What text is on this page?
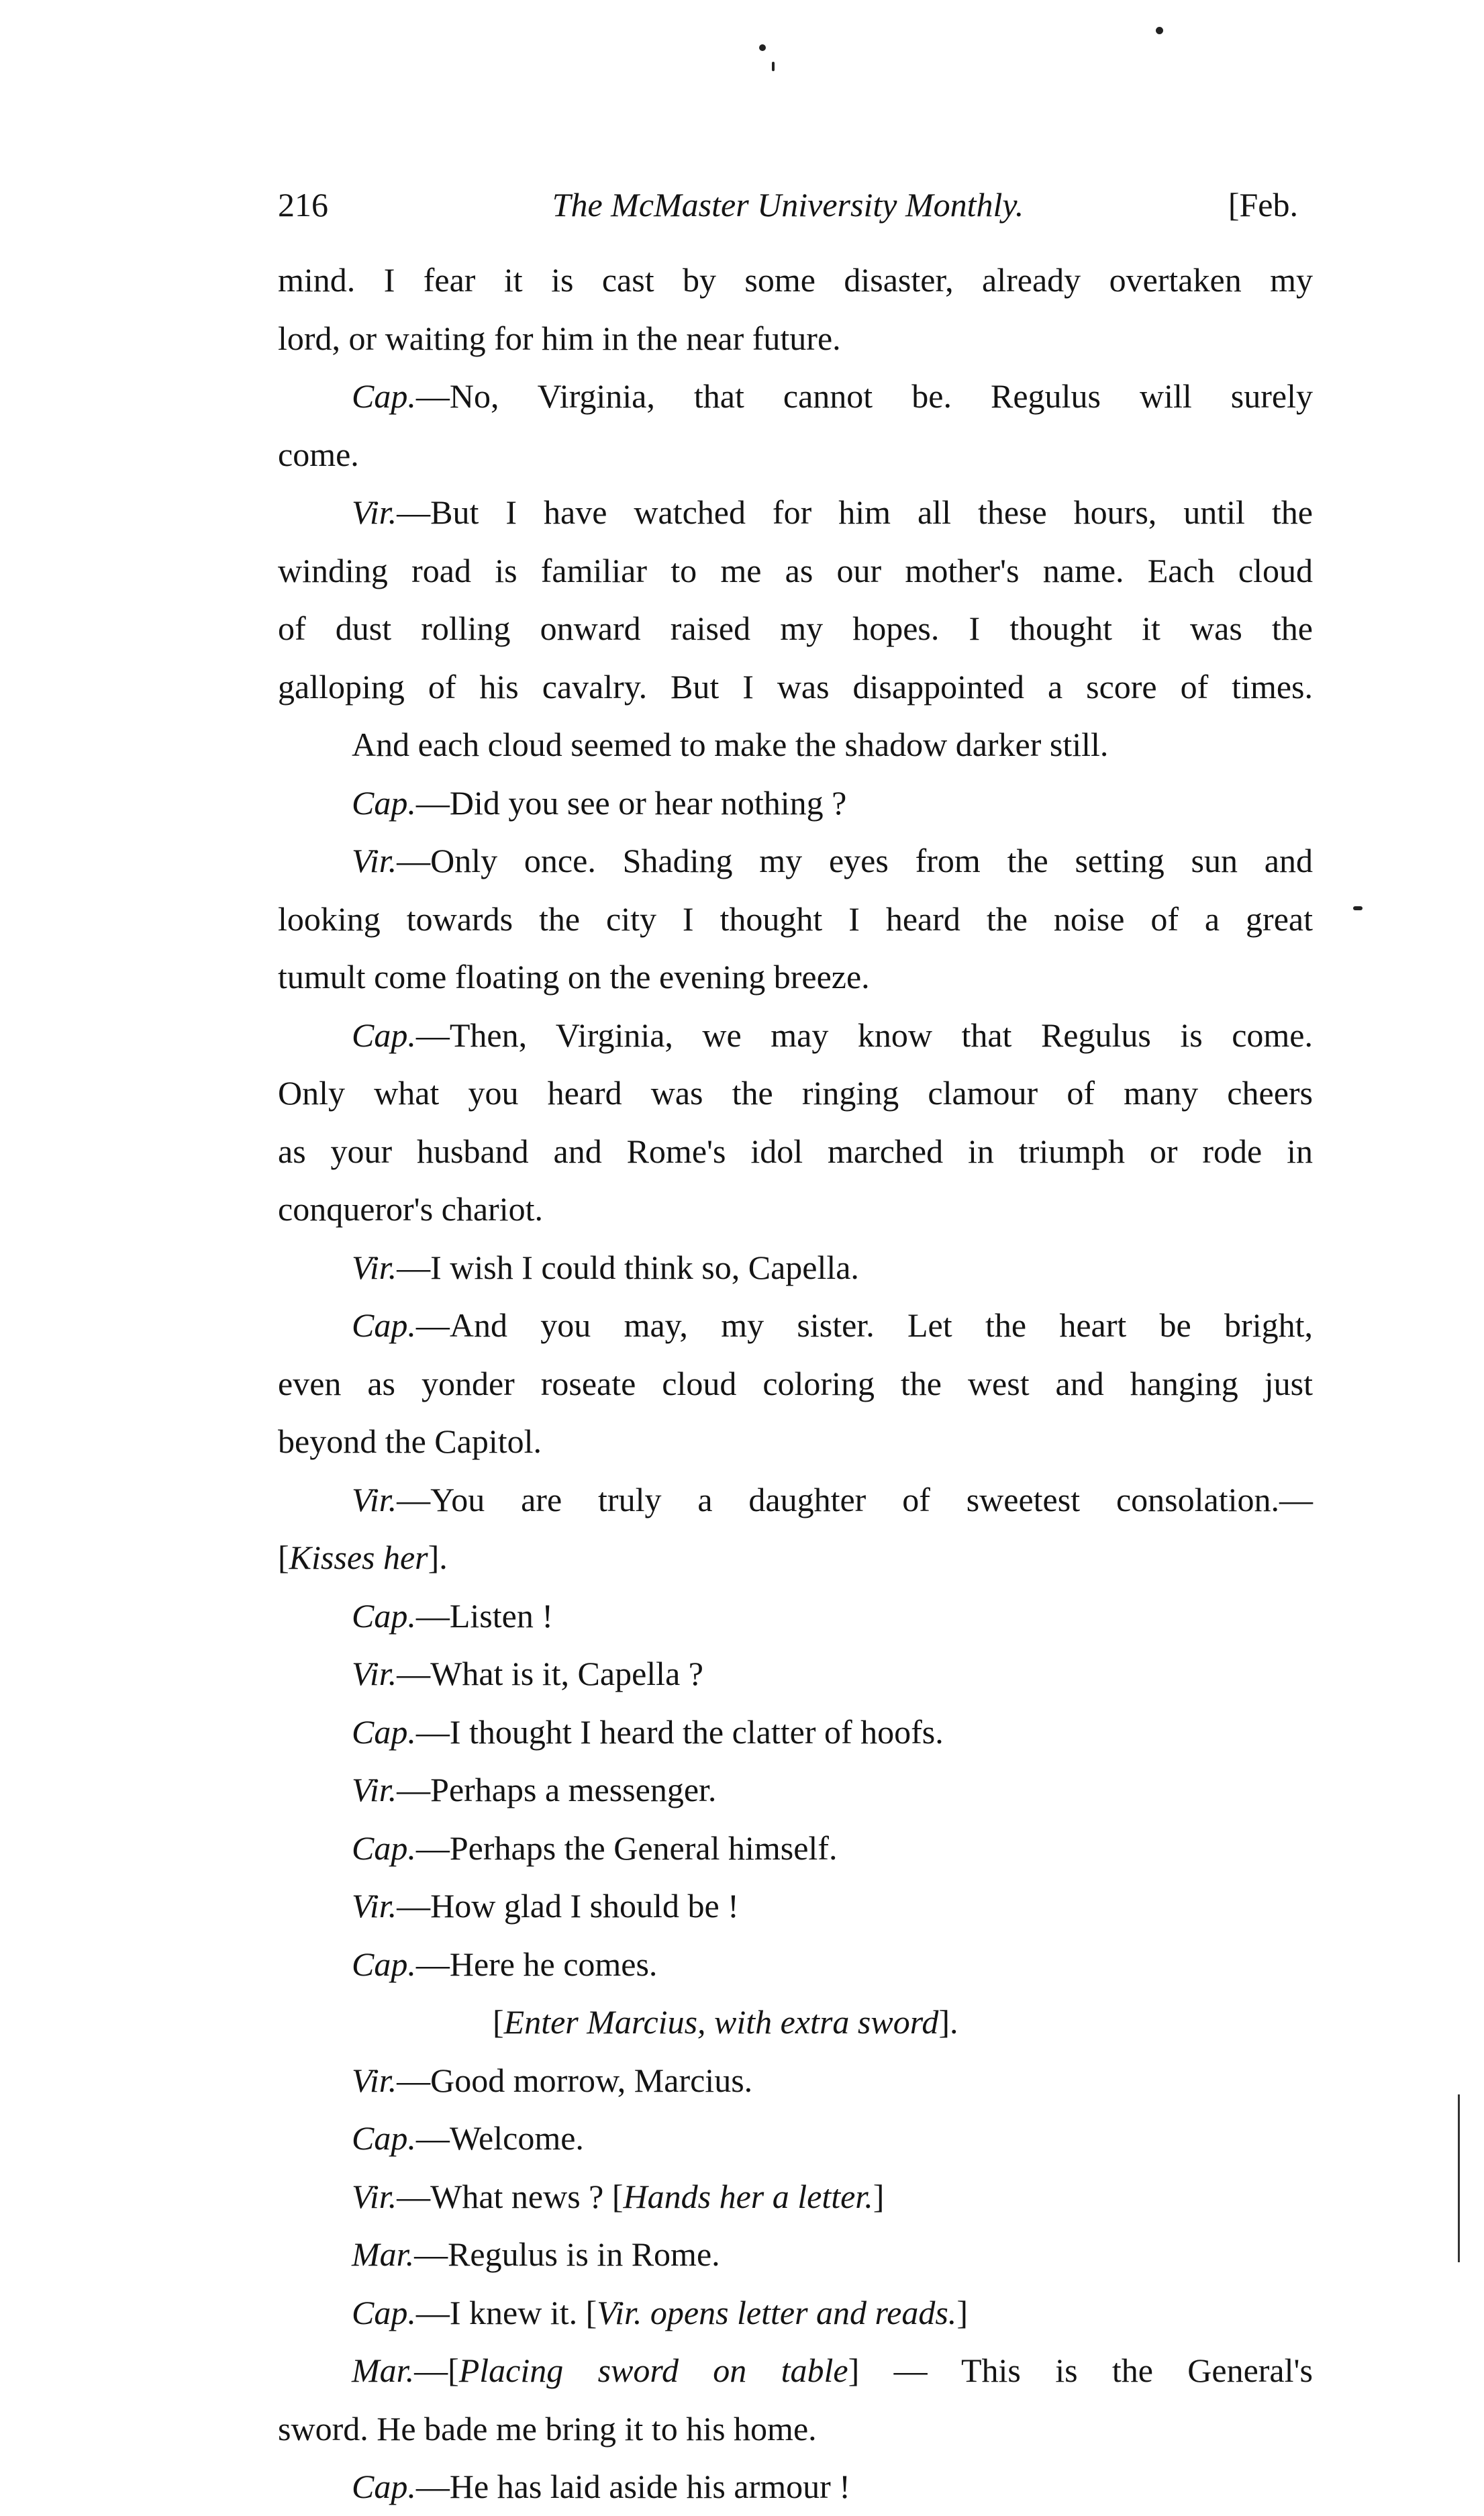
216	The McMaster University Monthly.	[Feb.
mind. I fear it is cast by some disaster, already overtaken my
lord, or waiting for him in the near future.
Cap.—No, Virginia, that cannot be. Regulus will surely
come.
Vir.—But I have watched for him all these hours, until the
winding road is familiar to me as our mother's name. Each cloud
of dust rolling onward raised my hopes. I thought it was the
galloping of his cavalry. But I was disappointed a score of times.
And each cloud seemed to make the shadow darker still.
Cap.—Did you see or hear nothing ?
Vir.—Only once. Shading my eyes from the setting sun and
looking towards the city I thought I heard the noise of a great
tumult come floating on the evening breeze.
Cap.—Then, Virginia, we may know that Regulus is come.
Only what you heard was the ringing clamour of many cheers
as your husband and Rome's idol marched in triumph or rode in
conqueror's chariot.
Vir.—I wish I could think so, Capella.
Cap.—And you may, my sister. Let the heart be bright,
even as yonder roseate cloud coloring the west and hanging just
beyond the Capitol.
Vir.—You are truly a daughter of sweetest consolation.—
[Kisses her].
Cap.—Listen !
Vir.—What is it, Capella ?
Cap.—I thought I heard the clatter of hoofs.
Vir.—Perhaps a messenger.
Cap.—Perhaps the General himself.
Vir.—How glad I should be !
Cap.—Here he comes.
[Enter Marcius, with extra sword].
Vir.—Good morrow, Marcius.
Cap.—Welcome.
Vir.—What news ? [Hands her a letter.]
Mar.—Regulus is in Rome.
Cap.—I knew it. [Vir. opens letter and reads.]
Mar.—[Placing sword on table] — This is the General's
sword. He bade me bring it to his home.
Cap.—He has laid aside his armour !
